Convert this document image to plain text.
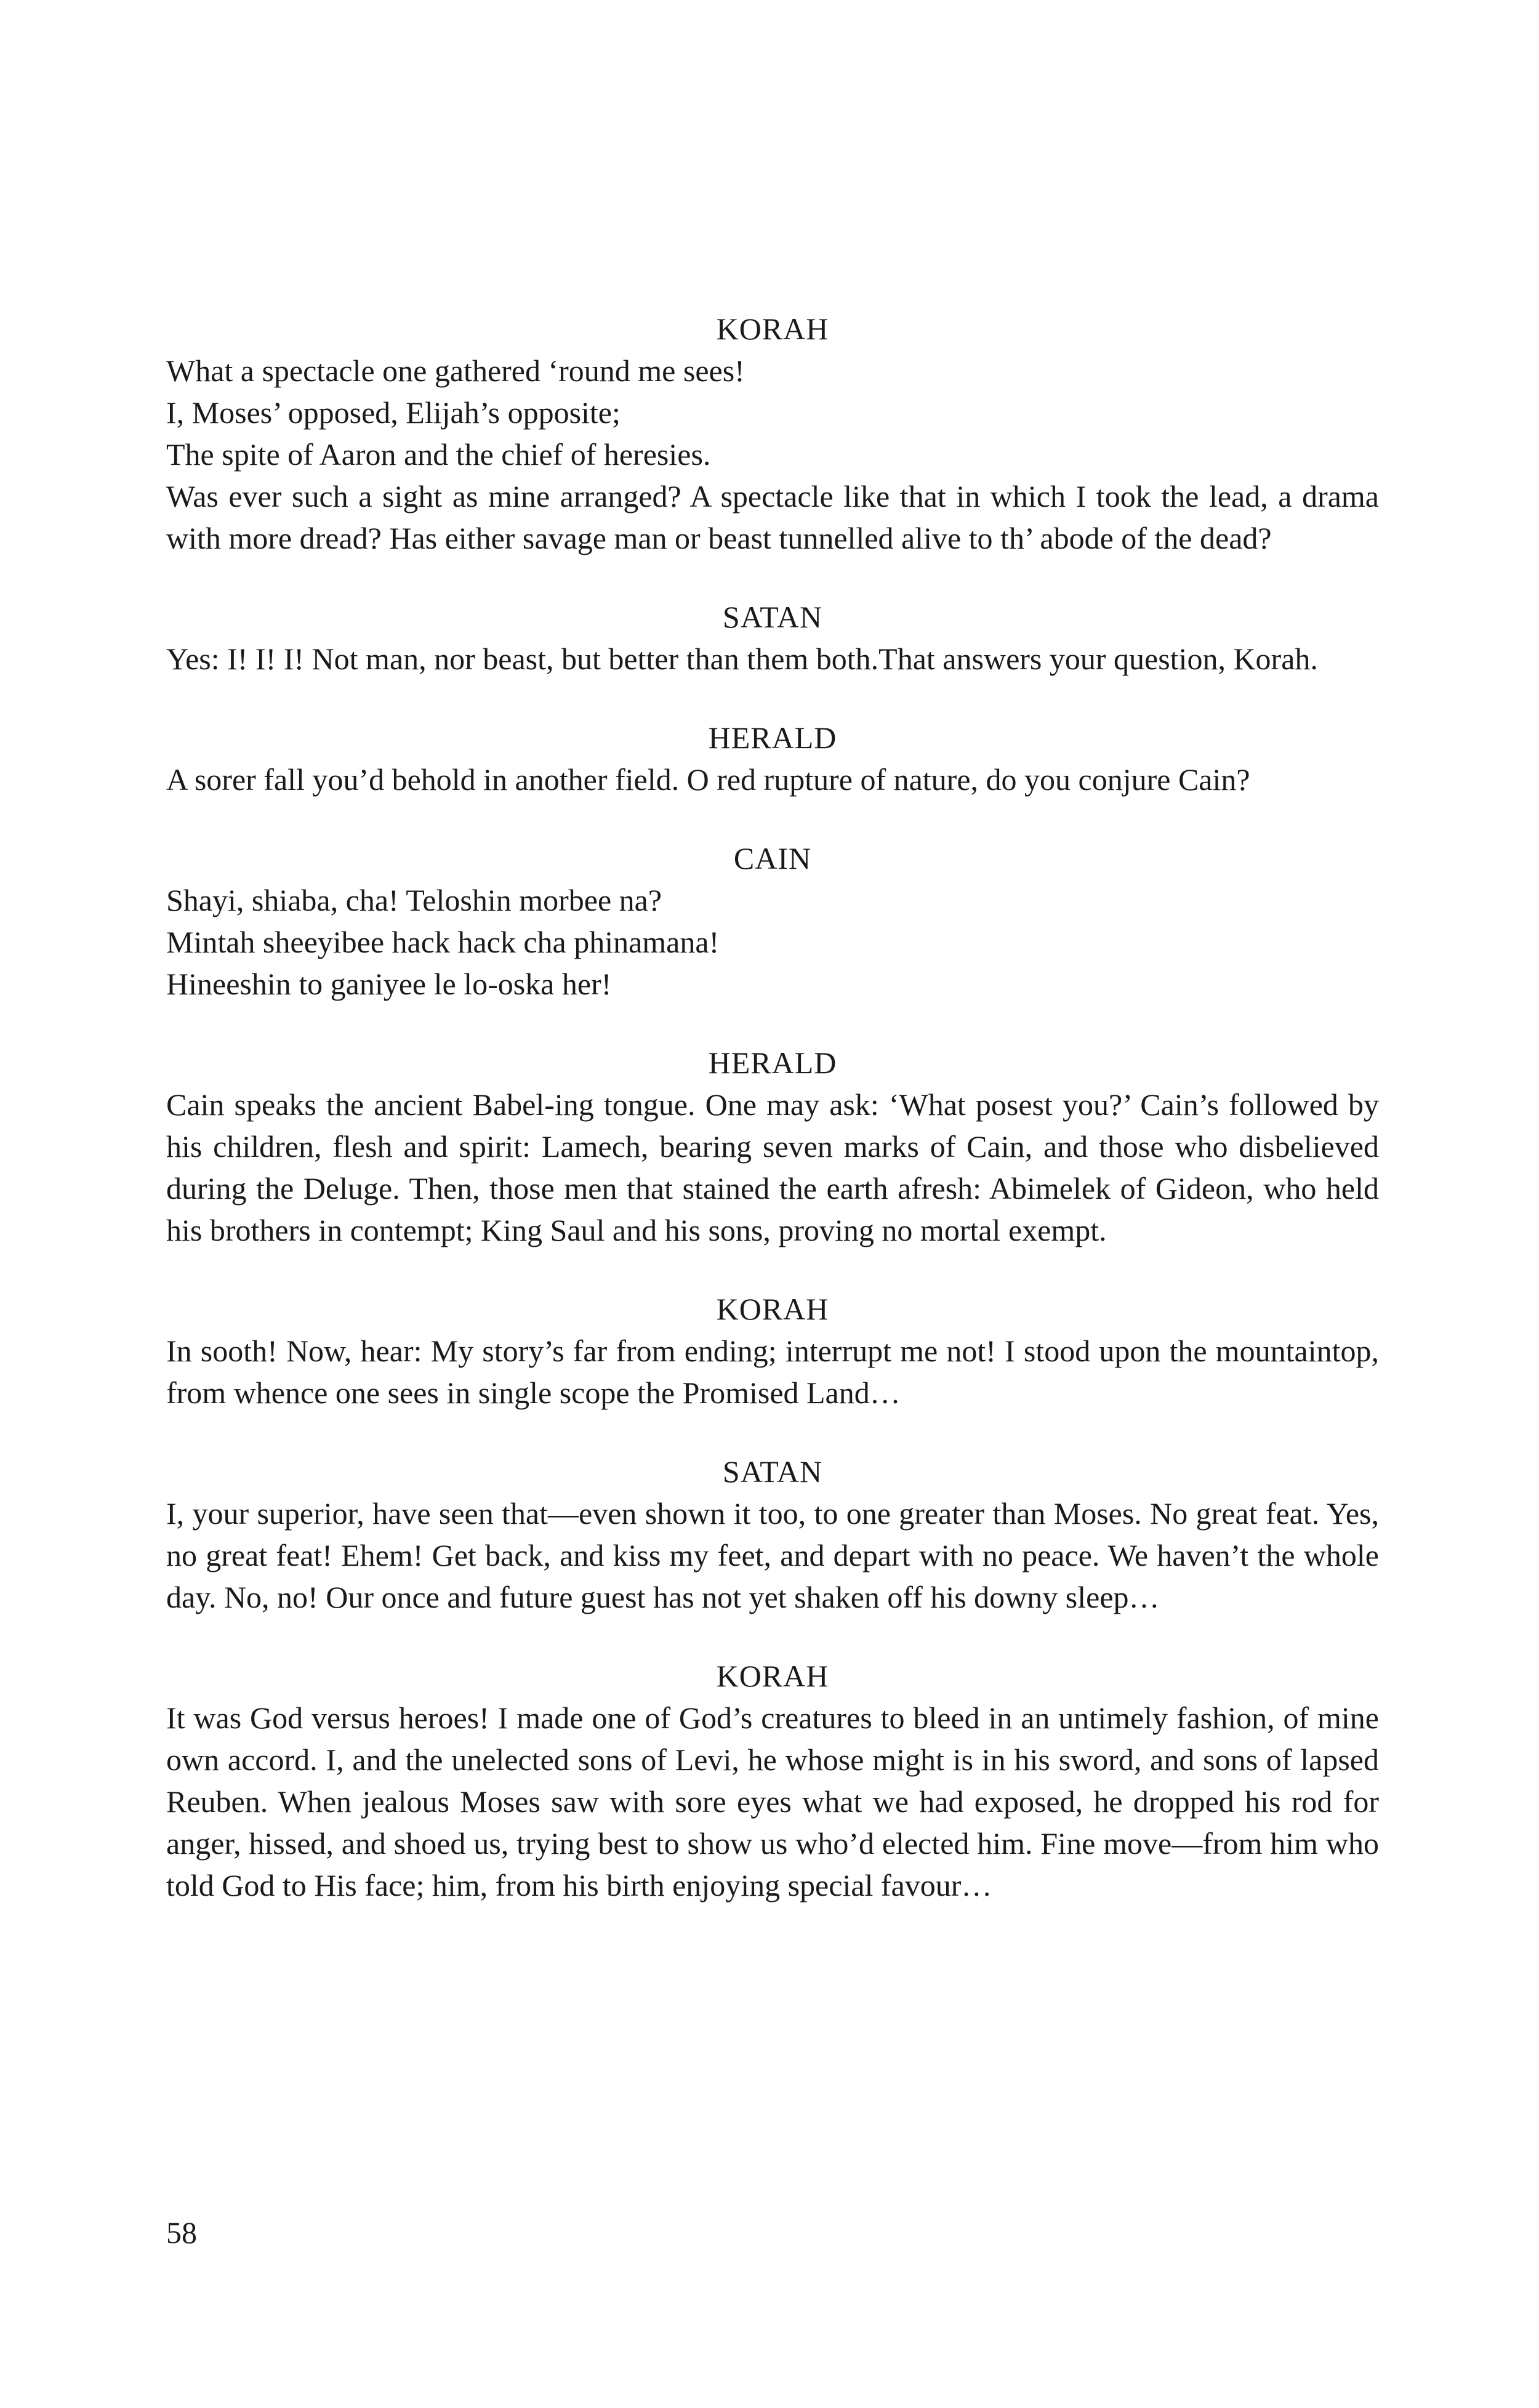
KORAH
What a spectacle one gathered ‘round me sees!
I, Moses’ opposed, Elijah’s opposite;
The spite of Aaron and the chief of heresies.

Was ever such a sight as mine arranged? A spectacle like that in which I took the lead, a drama with more dread? Has either savage man or beast tunnelled alive to th’ abode of the dead?

SATAN

Yes: I! I! I! Not man, nor beast, but better than them both.That answers your question, Korah.

HERALD

A sorer fall you’d behold in another field. O red rupture of nature, do you conjure Cain?

CAIN
Shayi, shiaba, cha! Teloshin morbee na?
Mintah sheeyibee hack hack cha phinamana!
Hineeshin to ganiyee le lo-oska her!
HERALD

Cain speaks the ancient Babel-ing tongue. One may ask: ‘What posest you?’ Cain’s followed by his children, flesh and spirit: Lamech, bearing seven marks of Cain, and those who disbelieved during the Deluge. Then, those men that stained the earth afresh: Abimelek of Gideon, who held his brothers in contempt; King Saul and his sons, proving no mortal exempt.

KORAH

In sooth! Now, hear: My story’s far from ending; interrupt me not! I stood upon the mountaintop, from whence one sees in single scope the Promised Land…

SATAN

I, your superior, have seen that—even shown it too, to one greater than Moses. No great feat. Yes, no great feat! Ehem! Get back, and kiss my feet, and depart with no peace. We haven’t the whole day. No, no! Our once and future guest has not yet shaken off his downy sleep…

KORAH

It was God versus heroes! I made one of God’s creatures to bleed in an untimely fashion, of mine own accord. I, and the unelected sons of Levi, he whose might is in his sword, and sons of lapsed Reuben. When jealous Moses saw with sore eyes what we had exposed, he dropped his rod for anger, hissed, and shoed us, trying best to show us who’d elected him. Fine move—from him who told God to His face; him, from his birth enjoying special favour…

58
